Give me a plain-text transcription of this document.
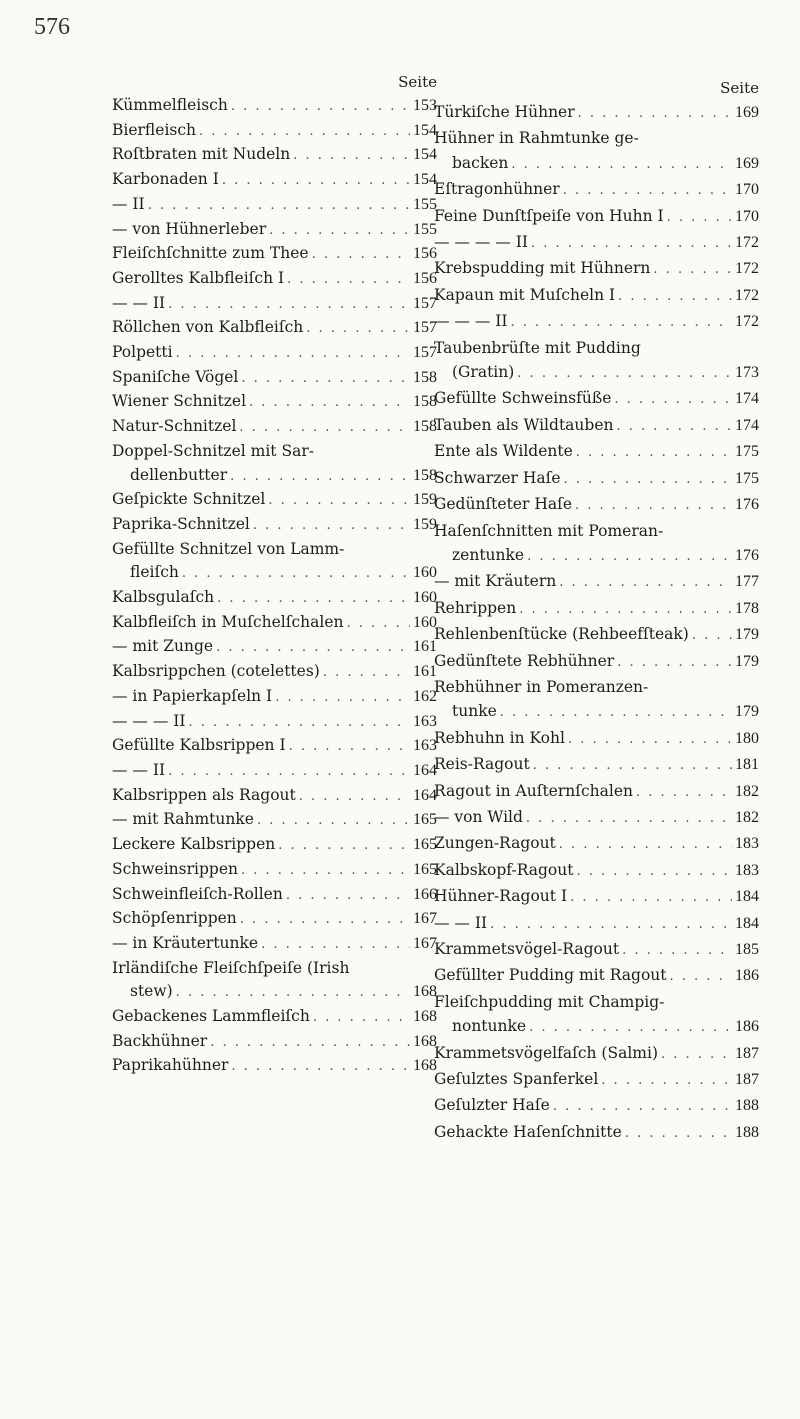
576
Seite
Kümmelfleisch . . .	153
Bierfleisch . . .	154
Roſtbraten mit Nudeln . . .	154
Karbonaden I . . .	154
— II . . .	155
— von Hühnerleber . . .	155
Fleiſchſchnitte zum Thee . . .	156
Gerolltes Kalbfleiſch I . . .	156
— — II . . .	157
Röllchen von Kalbfleiſch . . .	157
Polpetti . . .	157
Spaniſche Vögel . . .	158
Wiener Schnitzel . . .	158
Natur-Schnitzel . . .	158
Doppel-Schnitzel mit Sar-
dellenbutter . . .	158
Geſpickte Schnitzel . . .	159
Paprika-Schnitzel . . .	159
Gefüllte Schnitzel von Lamm-
fleiſch . . .	160
Kalbsgulaſch . . .	160
Kalbfleiſch in Muſchelſchalen . . .	160
— mit Zunge . . .	161
Kalbsrippchen (cotelettes) . . .	161
— in Papierkapſeln I . . .	162
— — — II . . .	163
Gefüllte Kalbsrippen I . . .	163
— — II . . .	164
Kalbsrippen als Ragout . . .	164
— mit Rahmtunke . . .	165
Leckere Kalbsrippen . . .	165
Schweinsrippen . . .	165
Schweinfleiſch-Rollen . . .	166
Schöpſenrippen . . .	167
— in Kräutertunke . . .	167
Irländiſche Fleiſchſpeiſe (Irish
stew) . . .	168
Gebackenes Lammfleiſch . . .	168
Backhühner . . .	168
Paprikahühner . . .	168
Seite
Türkiſche Hühner . . .	169
Hühner in Rahmtunke ge-
backen . . .	169
Eſtragonhühner . . .	170
Feine Dunſtſpeiſe von Huhn I . . .	170
— — — — II . . .	172
Krebspudding mit Hühnern . . .	172
Kapaun mit Muſcheln I . . .	172
— — — II . . .	172
Taubenbrüſte mit Pudding
(Gratin) . . .	173
Gefüllte Schweinsfüße . . .	174
Tauben als Wildtauben . . .	174
Ente als Wildente . . .	175
Schwarzer Haſe . . .	175
Gedünſteter Haſe . . .	176
Haſenſchnitten mit Pomeran-
zentunke . . .	176
— mit Kräutern . . .	177
Rehrippen . . .	178
Rehlenbenſtücke (Rehbeefſteak) . . .	179
Gedünſtete Rebhühner . . .	179
Rebhühner in Pomeranzen-
tunke . . .	179
Rebhuhn in Kohl . . .	180
Reis-Ragout . . .	181
Ragout in Auſternſchalen . . .	182
— von Wild . . .	182
Zungen-Ragout . . .	183
Kalbskopf-Ragout . . .	183
Hühner-Ragout I . . .	184
— — II . . .	184
Krammetsvögel-Ragout . . .	185
Gefüllter Pudding mit Ragout . . .	186
Fleiſchpudding mit Champig-
nontunke . . .	186
Krammetsvögelfaſch (Salmi) . . .	187
Geſulztes Spanferkel . . .	187
Geſulzter Haſe . . .	188
Gehackte Haſenſchnitte . . .	188
